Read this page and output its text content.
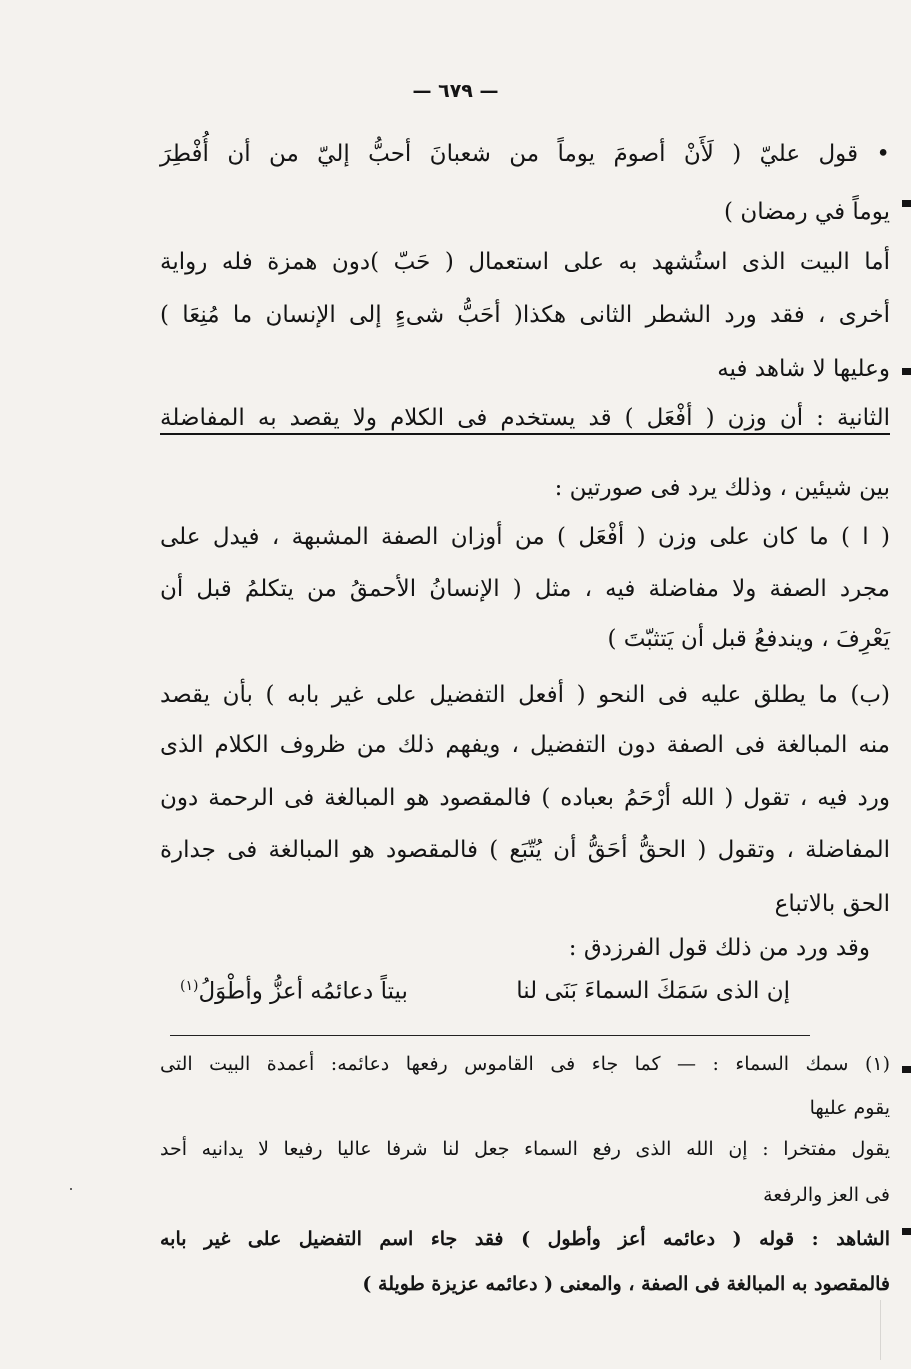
— ٦٧٩ —
• قول عليّ ( لَأَنْ أصومَ يوماً من شعبانَ أحبُّ إليّ من أن أُفْطِرَ
يوماً في رمضان )
أما البيت الذى استُشهد به على استعمال ( حَبّ )دون همزة فله رواية
أخرى ، فقد ورد الشطر الثانى هكذا( أحَبُّ شىءٍ إلى الإنسان ما مُنِعَا )
وعليها لا شاهد فيه
الثانية : أن وزن ( أفْعَل ) قد يستخدم فى الكلام ولا يقصد به المفاضلة
بين شيئين ، وذلك يرد فى صورتين :
( ا ) ما كان على وزن ( أفْعَل ) من أوزان الصفة المشبهة ، فيدل على
مجرد الصفة ولا مفاضلة فيه ، مثل ( الإنسانُ الأحمقُ من يتكلمُ قبل أن
يَعْرِفَ ، ويندفعُ قبل أن يَتثبّتَ )
(ب) ما يطلق عليه فى النحو ( أفعل التفضيل على غير بابه ) بأن يقصد
منه المبالغة فى الصفة دون التفضيل ، ويفهم ذلك من ظروف الكلام الذى
ورد فيه ، تقول ( الله أرْحَمُ بعباده ) فالمقصود هو المبالغة فى الرحمة دون
المفاضلة ، وتقول ( الحقُّ أحَقُّ أن يُتّبَع ) فالمقصود هو المبالغة فى جدارة
الحق بالاتباع
وقد ورد من ذلك قول الفرزدق :
إن الذى سَمَكَ السماءَ بَنَى لنا
بيتاً دعائمُه أعزُّ وأطْوَلُ$^{(١)}$
(١) سمك السماء : — كما جاء فى القاموس رفعها دعائمه: أعمدة البيت التى
يقوم عليها
يقول مفتخرا : إن الله الذى رفع السماء جعل لنا شرفا عاليا رفيعا لا يدانيه أحد
فى العز والرفعة
الشاهد : قوله ( دعائمه أعز وأطول ) فقد جاء اسم التفضيل على غير بابه
فالمقصود به المبالغة فى الصفة ، والمعنى ( دعائمه عزيزة طويلة )
